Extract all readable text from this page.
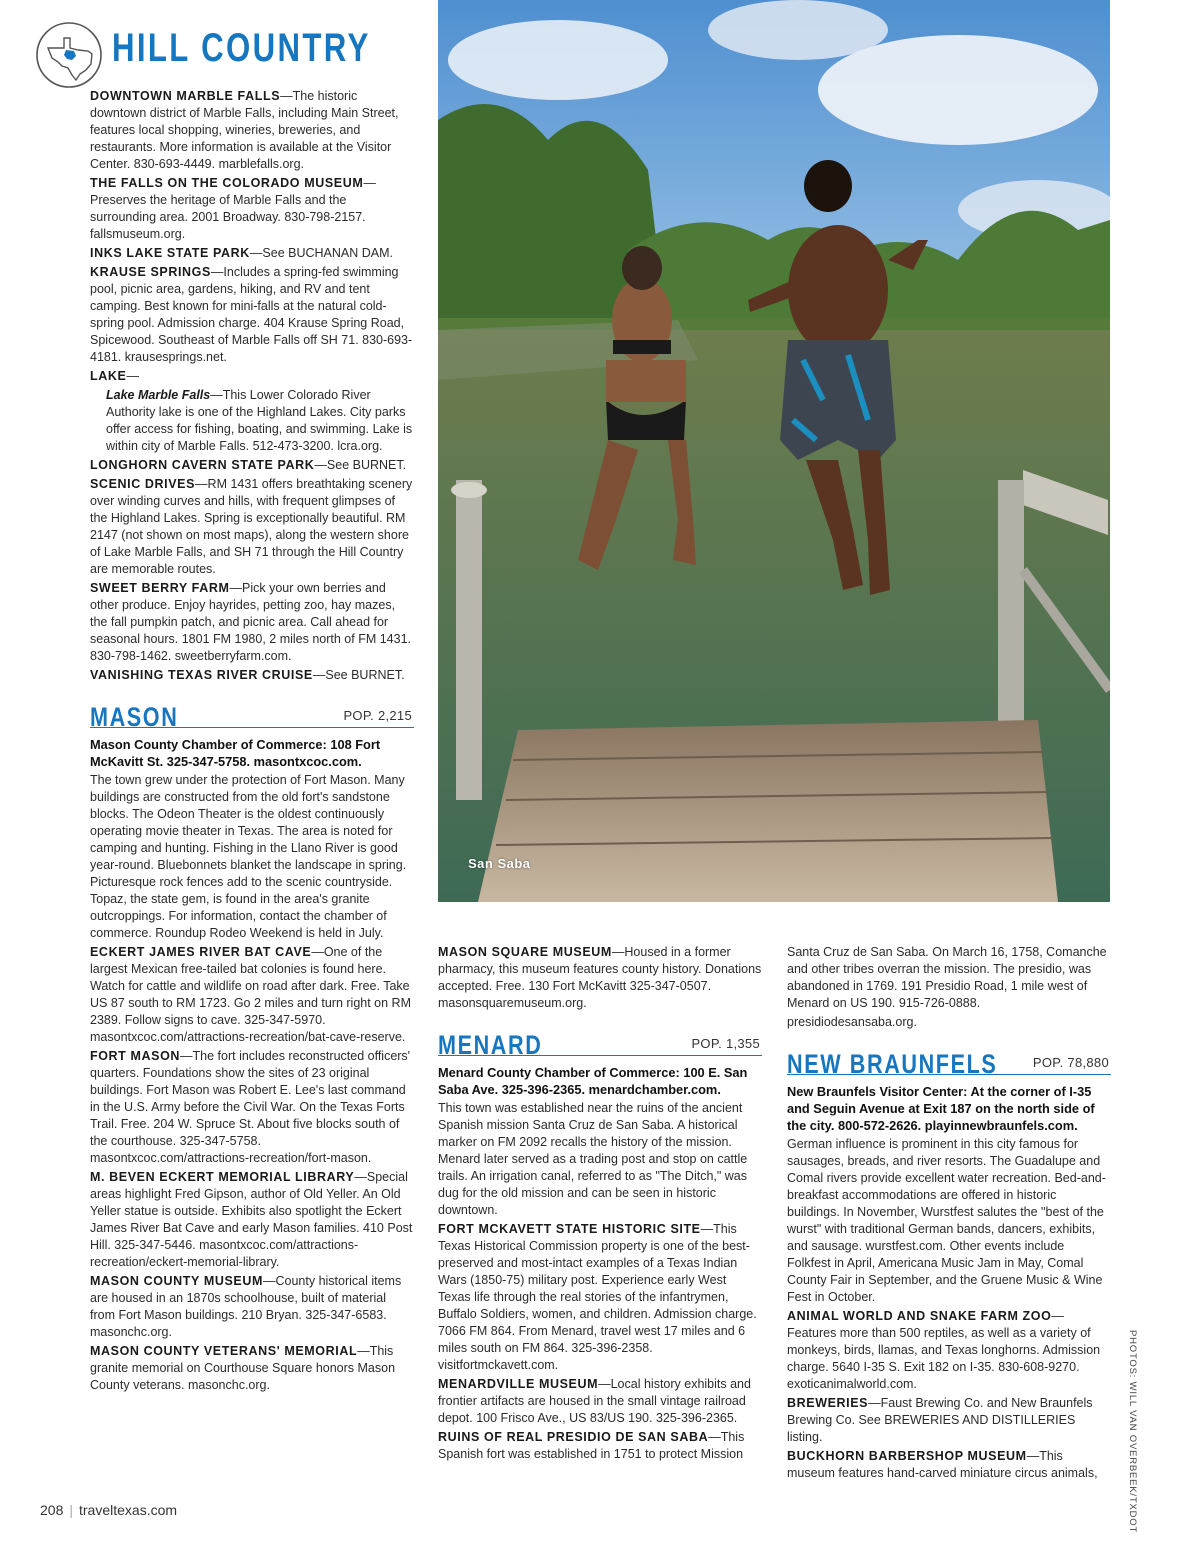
HILL COUNTRY

DOWNTOWN MARBLE FALLS—The historic downtown district of Marble Falls, including Main Street, features local shopping, wineries, breweries, and restaurants. More information is available at the Visitor Center. 830-693-4449. marblefalls.org.

THE FALLS ON THE COLORADO MUSEUM—Preserves the heritage of Marble Falls and the surrounding area. 2001 Broadway. 830-798-2157. fallsmuseum.org.

INKS LAKE STATE PARK—See BUCHANAN DAM.

KRAUSE SPRINGS—Includes a spring-fed swimming pool, picnic area, gardens, hiking, and RV and tent camping. Best known for mini-falls at the natural cold-spring pool. Admission charge. 404 Krause Spring Road, Spicewood. Southeast of Marble Falls off SH 71. 830-693-4181. krausesprings.net.

LAKE—

Lake Marble Falls—This Lower Colorado River Authority lake is one of the Highland Lakes. City parks offer access for fishing, boating, and swimming. Lake is within city of Marble Falls. 512-473-3200. lcra.org.

LONGHORN CAVERN STATE PARK—See BURNET.

SCENIC DRIVES—RM 1431 offers breathtaking scenery over winding curves and hills, with frequent glimpses of the Highland Lakes. Spring is exceptionally beautiful. RM 2147 (not shown on most maps), along the western shore of Lake Marble Falls, and SH 71 through the Hill Country are memorable routes.

SWEET BERRY FARM—Pick your own berries and other produce. Enjoy hayrides, petting zoo, hay mazes, the fall pumpkin patch, and picnic area. Call ahead for seasonal hours. 1801 FM 1980, 2 miles north of FM 1431. 830-798-1462. sweetberryfarm.com.

VANISHING TEXAS RIVER CRUISE—See BURNET.

MASON	POP. 2,215

Mason County Chamber of Commerce: 108 Fort McKavitt St. 325-347-5758. masontxcoc.com.

The town grew under the protection of Fort Mason. Many buildings are constructed from the old fort's sandstone blocks. The Odeon Theater is the oldest continuously operating movie theater in Texas. The area is noted for camping and hunting. Fishing in the Llano River is good year-round. Bluebonnets blanket the landscape in spring. Picturesque rock fences add to the scenic countryside. Topaz, the state gem, is found in the area's granite outcroppings. For information, contact the chamber of commerce. Roundup Rodeo Weekend is held in July.

ECKERT JAMES RIVER BAT CAVE—One of the largest Mexican free-tailed bat colonies is found here. Watch for cattle and wildlife on road after dark. Free. Take US 87 south to RM 1723. Go 2 miles and turn right on RM 2389. Follow signs to cave. 325-347-5970. masontxcoc.com/attractions-recreation/bat-cave-reserve.

FORT MASON—The fort includes reconstructed officers' quarters. Foundations show the sites of 23 original buildings. Fort Mason was Robert E. Lee's last command in the U.S. Army before the Civil War. On the Texas Forts Trail. Free. 204 W. Spruce St. About five blocks south of the courthouse. 325-347-5758. masontxcoc.com/attractions-recreation/fort-mason.

M. BEVEN ECKERT MEMORIAL LIBRARY—Special areas highlight Fred Gipson, author of Old Yeller. An Old Yeller statue is outside. Exhibits also spotlight the Eckert James River Bat Cave and early Mason families. 410 Post Hill. 325-347-5446. masontxcoc.com/attractions-recreation/eckert-memorial-library.

MASON COUNTY MUSEUM—County historical items are housed in an 1870s schoolhouse, built of material from Fort Mason buildings. 210 Bryan. 325-347-6583. masonchc.org.

MASON COUNTY VETERANS' MEMORIAL—This granite memorial on Courthouse Square honors Mason County veterans. masonchc.org.

San Saba

MASON SQUARE MUSEUM—Housed in a former pharmacy, this museum features county history. Donations accepted. Free. 130 Fort McKavitt 325-347-0507. masonsquaremuseum.org.

MENARD	POP. 1,355

Menard County Chamber of Commerce: 100 E. San Saba Ave. 325-396-2365. menardchamber.com.

This town was established near the ruins of the ancient Spanish mission Santa Cruz de San Saba. A historical marker on FM 2092 recalls the history of the mission. Menard later served as a trading post and stop on cattle trails. An irrigation canal, referred to as "The Ditch," was dug for the old mission and can be seen in historic downtown.

FORT MCKAVETT STATE HISTORIC SITE—This Texas Historical Commission property is one of the best-preserved and most-intact examples of a Texas Indian Wars (1850-75) military post. Experience early West Texas life through the real stories of the infantrymen, Buffalo Soldiers, women, and children. Admission charge. 7066 FM 864. From Menard, travel west 17 miles and 6 miles south on FM 864. 325-396-2358. visitfortmckavett.com.

MENARDVILLE MUSEUM—Local history exhibits and frontier artifacts are housed in the small vintage railroad depot. 100 Frisco Ave., US 83/US 190. 325-396-2365.

RUINS OF REAL PRESIDIO DE SAN SABA—This Spanish fort was established in 1751 to protect Mission

Santa Cruz de San Saba. On March 16, 1758, Comanche and other tribes overran the mission. The presidio, was abandoned in 1769. 191 Presidio Road, 1 mile west of Menard on US 190. 915-726-0888.

presidiodesansaba.org.

NEW BRAUNFELS	POP. 78,880

New Braunfels Visitor Center: At the corner of I-35 and Seguin Avenue at Exit 187 on the north side of the city. 800-572-2626. playinnewbraunfels.com.

German influence is prominent in this city famous for sausages, breads, and river resorts. The Guadalupe and Comal rivers provide excellent water recreation. Bed-and-breakfast accommodations are offered in historic buildings. In November, Wurstfest salutes the "best of the wurst" with traditional German bands, dancers, exhibits, and sausage. wurstfest.com. Other events include Folkfest in April, Americana Music Jam in May, Comal County Fair in September, and the Gruene Music & Wine Fest in October.

ANIMAL WORLD AND SNAKE FARM ZOO—Features more than 500 reptiles, as well as a variety of monkeys, birds, llamas, and Texas longhorns. Admission charge. 5640 I-35 S. Exit 182 on I-35. 830-608-9270. exoticanimalworld.com.

BREWERIES—Faust Brewing Co. and New Braunfels Brewing Co. See BREWERIES AND DISTILLERIES listing.

BUCKHORN BARBERSHOP MUSEUM—This museum features hand-carved miniature circus animals,	PHOTOS: WILL VAN OVERBEEK/TXDOT
208 | traveltexas.com
